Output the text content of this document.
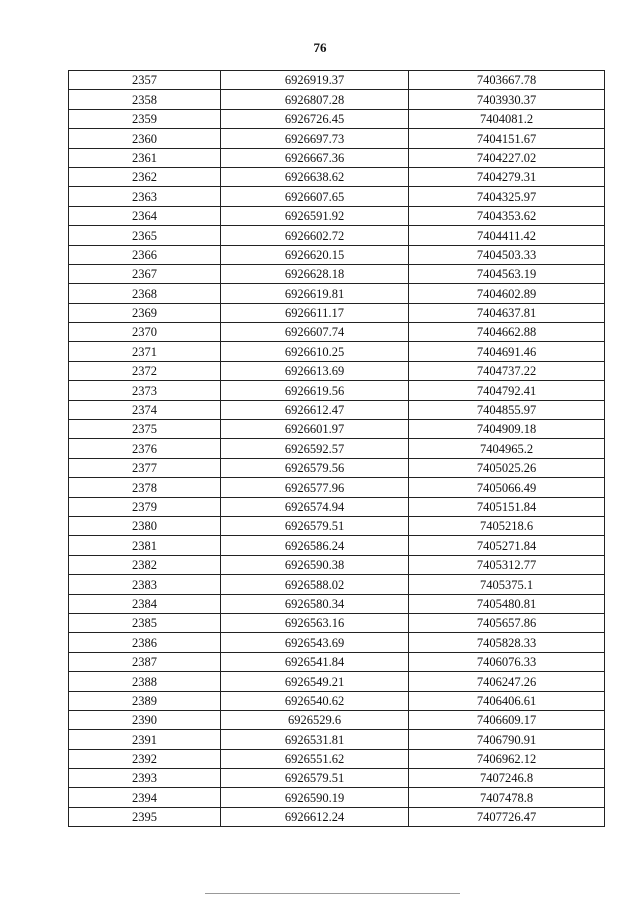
76
2357	6926919.37	7403667.78
2358	6926807.28	7403930.37
2359	6926726.45	7404081.2
2360	6926697.73	7404151.67
2361	6926667.36	7404227.02
2362	6926638.62	7404279.31
2363	6926607.65	7404325.97
2364	6926591.92	7404353.62
2365	6926602.72	7404411.42
2366	6926620.15	7404503.33
2367	6926628.18	7404563.19
2368	6926619.81	7404602.89
2369	6926611.17	7404637.81
2370	6926607.74	7404662.88
2371	6926610.25	7404691.46
2372	6926613.69	7404737.22
2373	6926619.56	7404792.41
2374	6926612.47	7404855.97
2375	6926601.97	7404909.18
2376	6926592.57	7404965.2
2377	6926579.56	7405025.26
2378	6926577.96	7405066.49
2379	6926574.94	7405151.84
2380	6926579.51	7405218.6
2381	6926586.24	7405271.84
2382	6926590.38	7405312.77
2383	6926588.02	7405375.1
2384	6926580.34	7405480.81
2385	6926563.16	7405657.86
2386	6926543.69	7405828.33
2387	6926541.84	7406076.33
2388	6926549.21	7406247.26
2389	6926540.62	7406406.61
2390	6926529.6	7406609.17
2391	6926531.81	7406790.91
2392	6926551.62	7406962.12
2393	6926579.51	7407246.8
2394	6926590.19	7407478.8
2395	6926612.24	7407726.47
